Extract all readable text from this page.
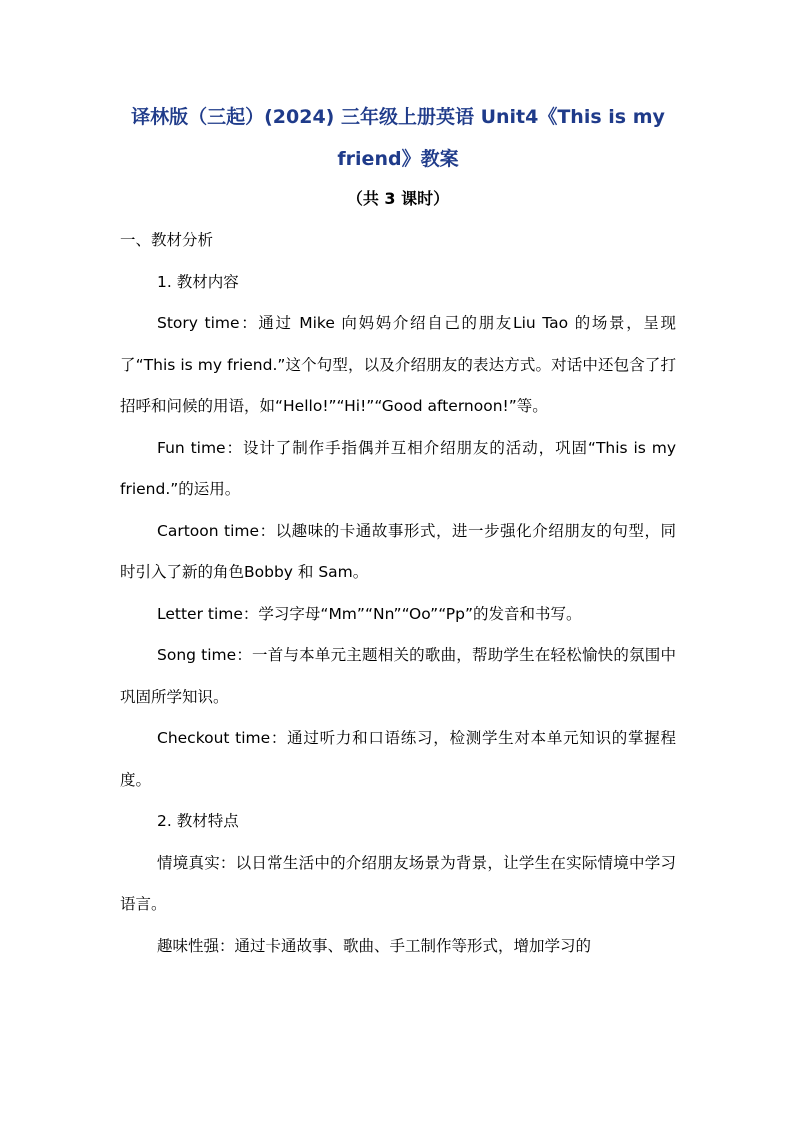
译林版（三起）(2024) 三年级上册英语 Unit4《This is my friend》教案

（共 3 课时）

一、教材分析

1. 教材内容

Story time：通过 Mike 向妈妈介绍自己的朋友Liu Tao 的场景，呈现了“This is my friend.”这个句型，以及介绍朋友的表达方式。对话中还包含了打招呼和问候的用语，如“Hello!”“Hi!”“Good afternoon!”等。

Fun time：设计了制作手指偶并互相介绍朋友的活动，巩固“This is my friend.”的运用。

Cartoon time：以趣味的卡通故事形式，进一步强化介绍朋友的句型，同时引入了新的角色Bobby 和 Sam。

Letter time：学习字母“Mm”“Nn”“Oo”“Pp”的发音和书写。

Song time：一首与本单元主题相关的歌曲，帮助学生在轻松愉快的氛围中巩固所学知识。

Checkout time：通过听力和口语练习，检测学生对本单元知识的掌握程度。

2. 教材特点

情境真实：以日常生活中的介绍朋友场景为背景，让学生在实际情境中学习语言。

趣味性强：通过卡通故事、歌曲、手工制作等形式，增加学习的
